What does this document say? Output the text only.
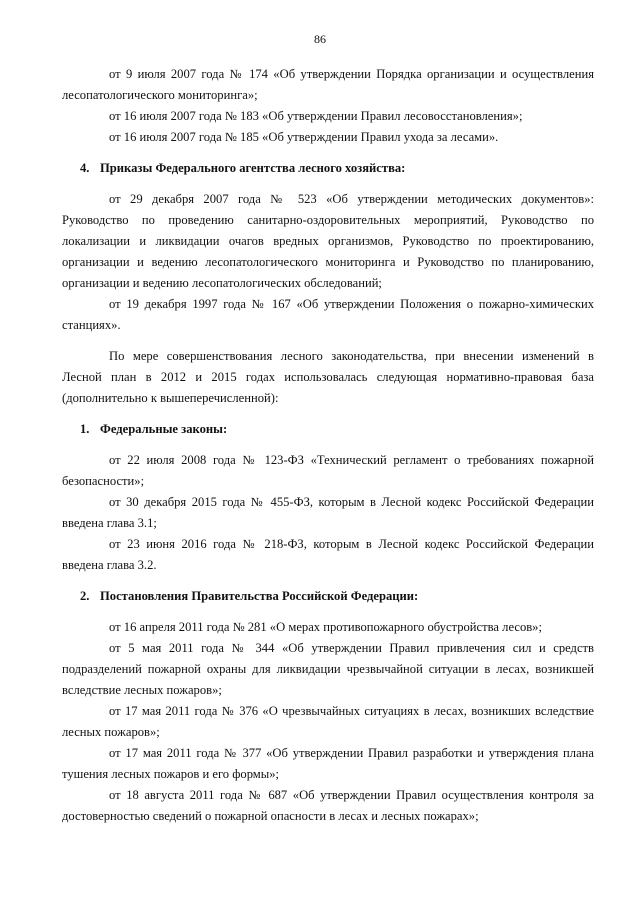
86

от 9 июля 2007 года № 174 «Об утверждении Порядка организации и осуществления лесопатологического мониторинга»;

от 16 июля 2007 года № 183 «Об утверждении Правил лесовосстановления»;

от 16 июля 2007 года № 185 «Об утверждении Правил ухода за лесами».

4. Приказы Федерального агентства лесного хозяйства:

от 29 декабря 2007 года № 523 «Об утверждении методических документов»: Руководство по проведению санитарно-оздоровительных мероприятий, Руководство по локализации и ликвидации очагов вредных организмов, Руководство по проектированию, организации и ведению лесопатологического мониторинга и Руководство по планированию, организации и ведению лесопатологических обследований;

от 19 декабря 1997 года № 167 «Об утверждении Положения о пожарно-химических станциях».

По мере совершенствования лесного законодательства, при внесении изменений в Лесной план в 2012 и 2015 годах использовалась следующая нормативно-правовая база (дополнительно к вышеперечисленной):

1. Федеральные законы:

от 22 июля 2008 года № 123-ФЗ «Технический регламент о требованиях пожарной безопасности»;

от 30 декабря 2015 года № 455-ФЗ, которым в Лесной кодекс Российской Федерации введена глава 3.1;

от 23 июня 2016 года № 218-ФЗ, которым в Лесной кодекс Российской Федерации введена глава 3.2.

2. Постановления Правительства Российской Федерации:

от 16 апреля 2011 года № 281 «О мерах противопожарного обустройства лесов»;

от 5 мая 2011 года № 344 «Об утверждении Правил привлечения сил и средств подразделений пожарной охраны для ликвидации чрезвычайной ситуации в лесах, возникшей вследствие лесных пожаров»;

от 17 мая 2011 года № 376 «О чрезвычайных ситуациях в лесах, возникших вследствие лесных пожаров»;

от 17 мая 2011 года № 377 «Об утверждении Правил разработки и утверждения плана тушения лесных пожаров и его формы»;

от 18 августа 2011 года № 687 «Об утверждении Правил осуществления контроля за достоверностью сведений о пожарной опасности в лесах и лесных пожарах»;
